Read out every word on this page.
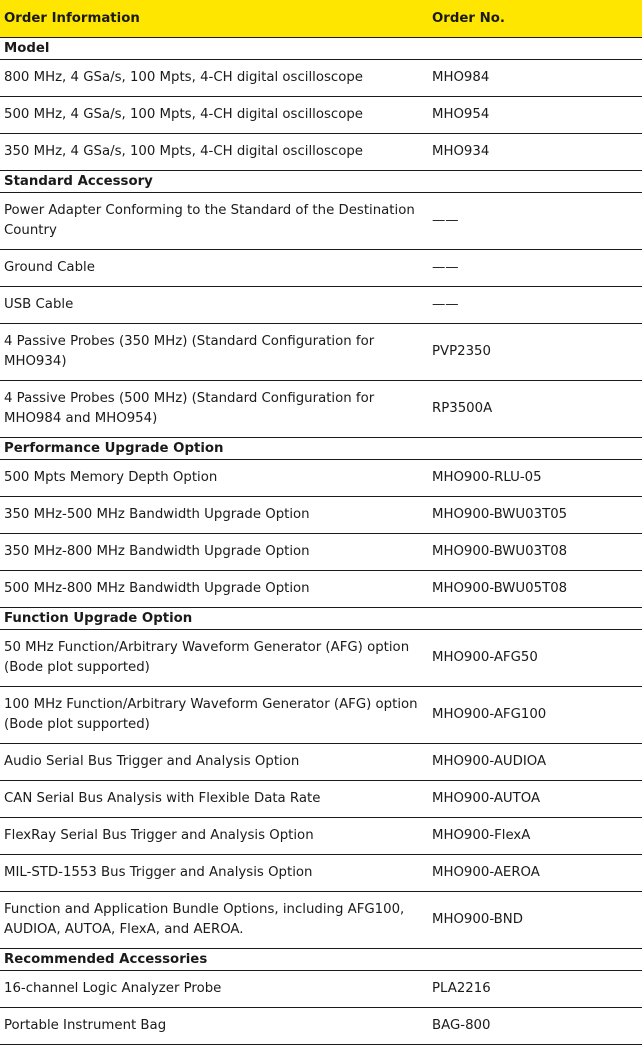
Order Information	Order No.
Model	
800 MHz, 4 GSa/s, 100 Mpts, 4-CH digital oscilloscope	MHO984
500 MHz, 4 GSa/s, 100 Mpts, 4-CH digital oscilloscope	MHO954
350 MHz, 4 GSa/s, 100 Mpts, 4-CH digital oscilloscope	MHO934
Standard Accessory	
Power Adapter Conforming to the Standard of the Destination Country	——
Ground Cable	——
USB Cable	——
4 Passive Probes (350 MHz) (Standard Configuration for MHO934)	PVP2350
4 Passive Probes (500 MHz) (Standard Configuration for MHO984 and MHO954)	RP3500A
Performance Upgrade Option	
500 Mpts Memory Depth Option	MHO900-RLU-05
350 MHz-500 MHz Bandwidth Upgrade Option	MHO900-BWU03T05
350 MHz-800 MHz Bandwidth Upgrade Option	MHO900-BWU03T08
500 MHz-800 MHz Bandwidth Upgrade Option	MHO900-BWU05T08
Function Upgrade Option	
50 MHz Function/Arbitrary Waveform Generator (AFG) option (Bode plot supported)	MHO900-AFG50
100 MHz Function/Arbitrary Waveform Generator (AFG) option (Bode plot supported)	MHO900-AFG100
Audio Serial Bus Trigger and Analysis Option	MHO900-AUDIOA
CAN Serial Bus Analysis with Flexible Data Rate	MHO900-AUTOA
FlexRay Serial Bus Trigger and Analysis Option	MHO900-FlexA
MIL-STD-1553 Bus Trigger and Analysis Option	MHO900-AEROA
Function and Application Bundle Options, including AFG100, AUDIOA, AUTOA, FlexA, and AEROA.	MHO900-BND
Recommended Accessories	
16-channel Logic Analyzer Probe	PLA2216
Portable Instrument Bag	BAG-800
